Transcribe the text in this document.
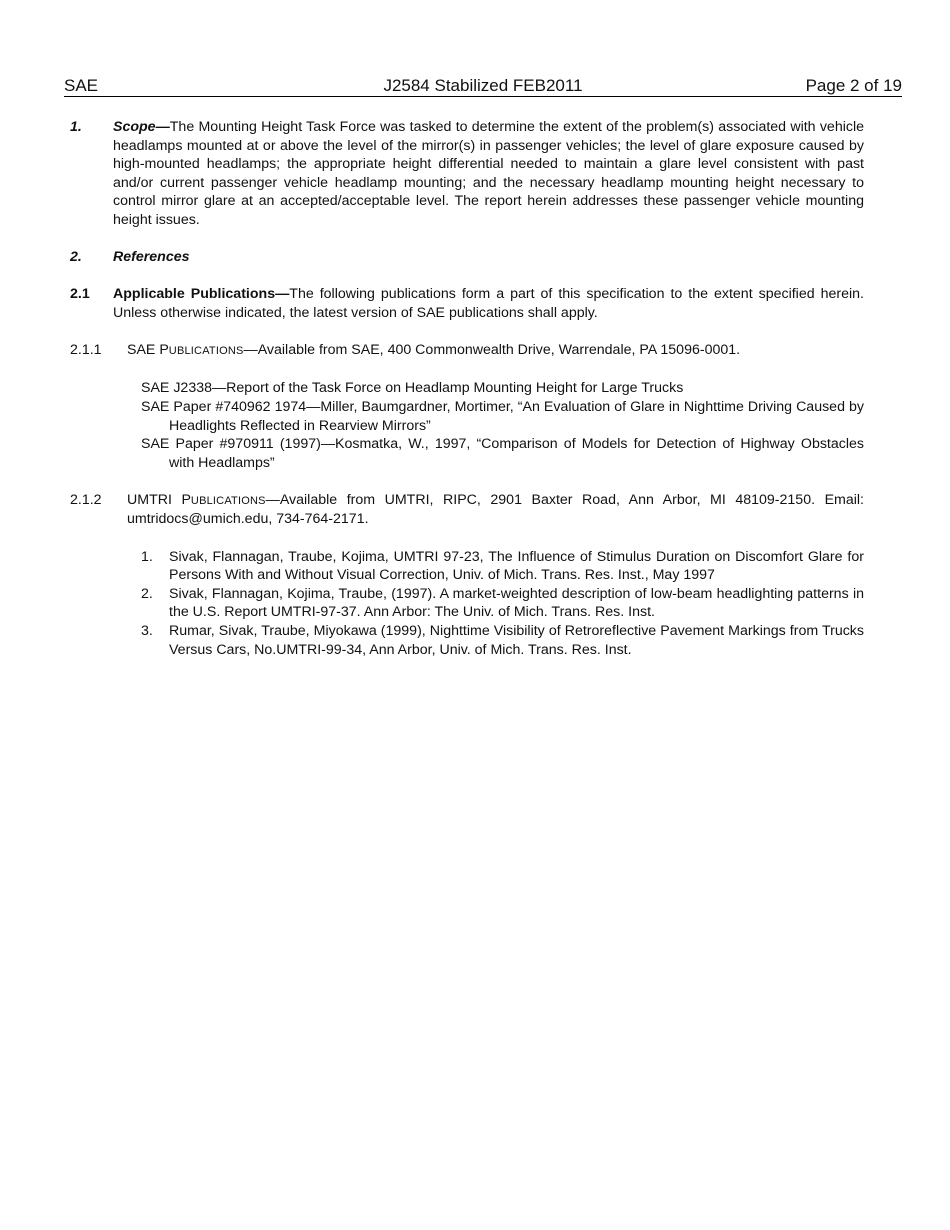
SAE	J2584 Stabilized FEB2011	Page 2 of 19
1.	Scope—The Mounting Height Task Force was tasked to determine the extent of the problem(s) associated with vehicle headlamps mounted at or above the level of the mirror(s) in passenger vehicles; the level of glare exposure caused by high-mounted headlamps; the appropriate height differential needed to maintain a glare level consistent with past and/or current passenger vehicle headlamp mounting; and the necessary headlamp mounting height necessary to control mirror glare at an accepted/acceptable level. The report herein addresses these passenger vehicle mounting height issues.
2.	References
2.1	Applicable Publications—The following publications form a part of this specification to the extent specified herein. Unless otherwise indicated, the latest version of SAE publications shall apply.
2.1.1	SAE PUBLICATIONS—Available from SAE, 400 Commonwealth Drive, Warrendale, PA 15096-0001.
SAE J2338—Report of the Task Force on Headlamp Mounting Height for Large Trucks
SAE Paper #740962 1974—Miller, Baumgardner, Mortimer, “An Evaluation of Glare in Nighttime Driving Caused by Headlights Reflected in Rearview Mirrors”
SAE Paper #970911 (1997)—Kosmatka, W., 1997, “Comparison of Models for Detection of Highway Obstacles with Headlamps”
2.1.2	UMTRI PUBLICATIONS—Available from UMTRI, RIPC, 2901 Baxter Road, Ann Arbor, MI 48109-2150. Email: umtridocs@umich.edu, 734-764-2171.
1.	Sivak, Flannagan, Traube, Kojima, UMTRI 97-23, The Influence of Stimulus Duration on Discomfort Glare for Persons With and Without Visual Correction, Univ. of Mich. Trans. Res. Inst., May 1997
2.	Sivak, Flannagan, Kojima, Traube, (1997). A market-weighted description of low-beam headlighting patterns in the U.S. Report UMTRI-97-37. Ann Arbor: The Univ. of Mich. Trans. Res. Inst.
3.	Rumar, Sivak, Traube, Miyokawa (1999), Nighttime Visibility of Retroreflective Pavement Markings from Trucks Versus Cars, No.UMTRI-99-34, Ann Arbor, Univ. of Mich. Trans. Res. Inst.
